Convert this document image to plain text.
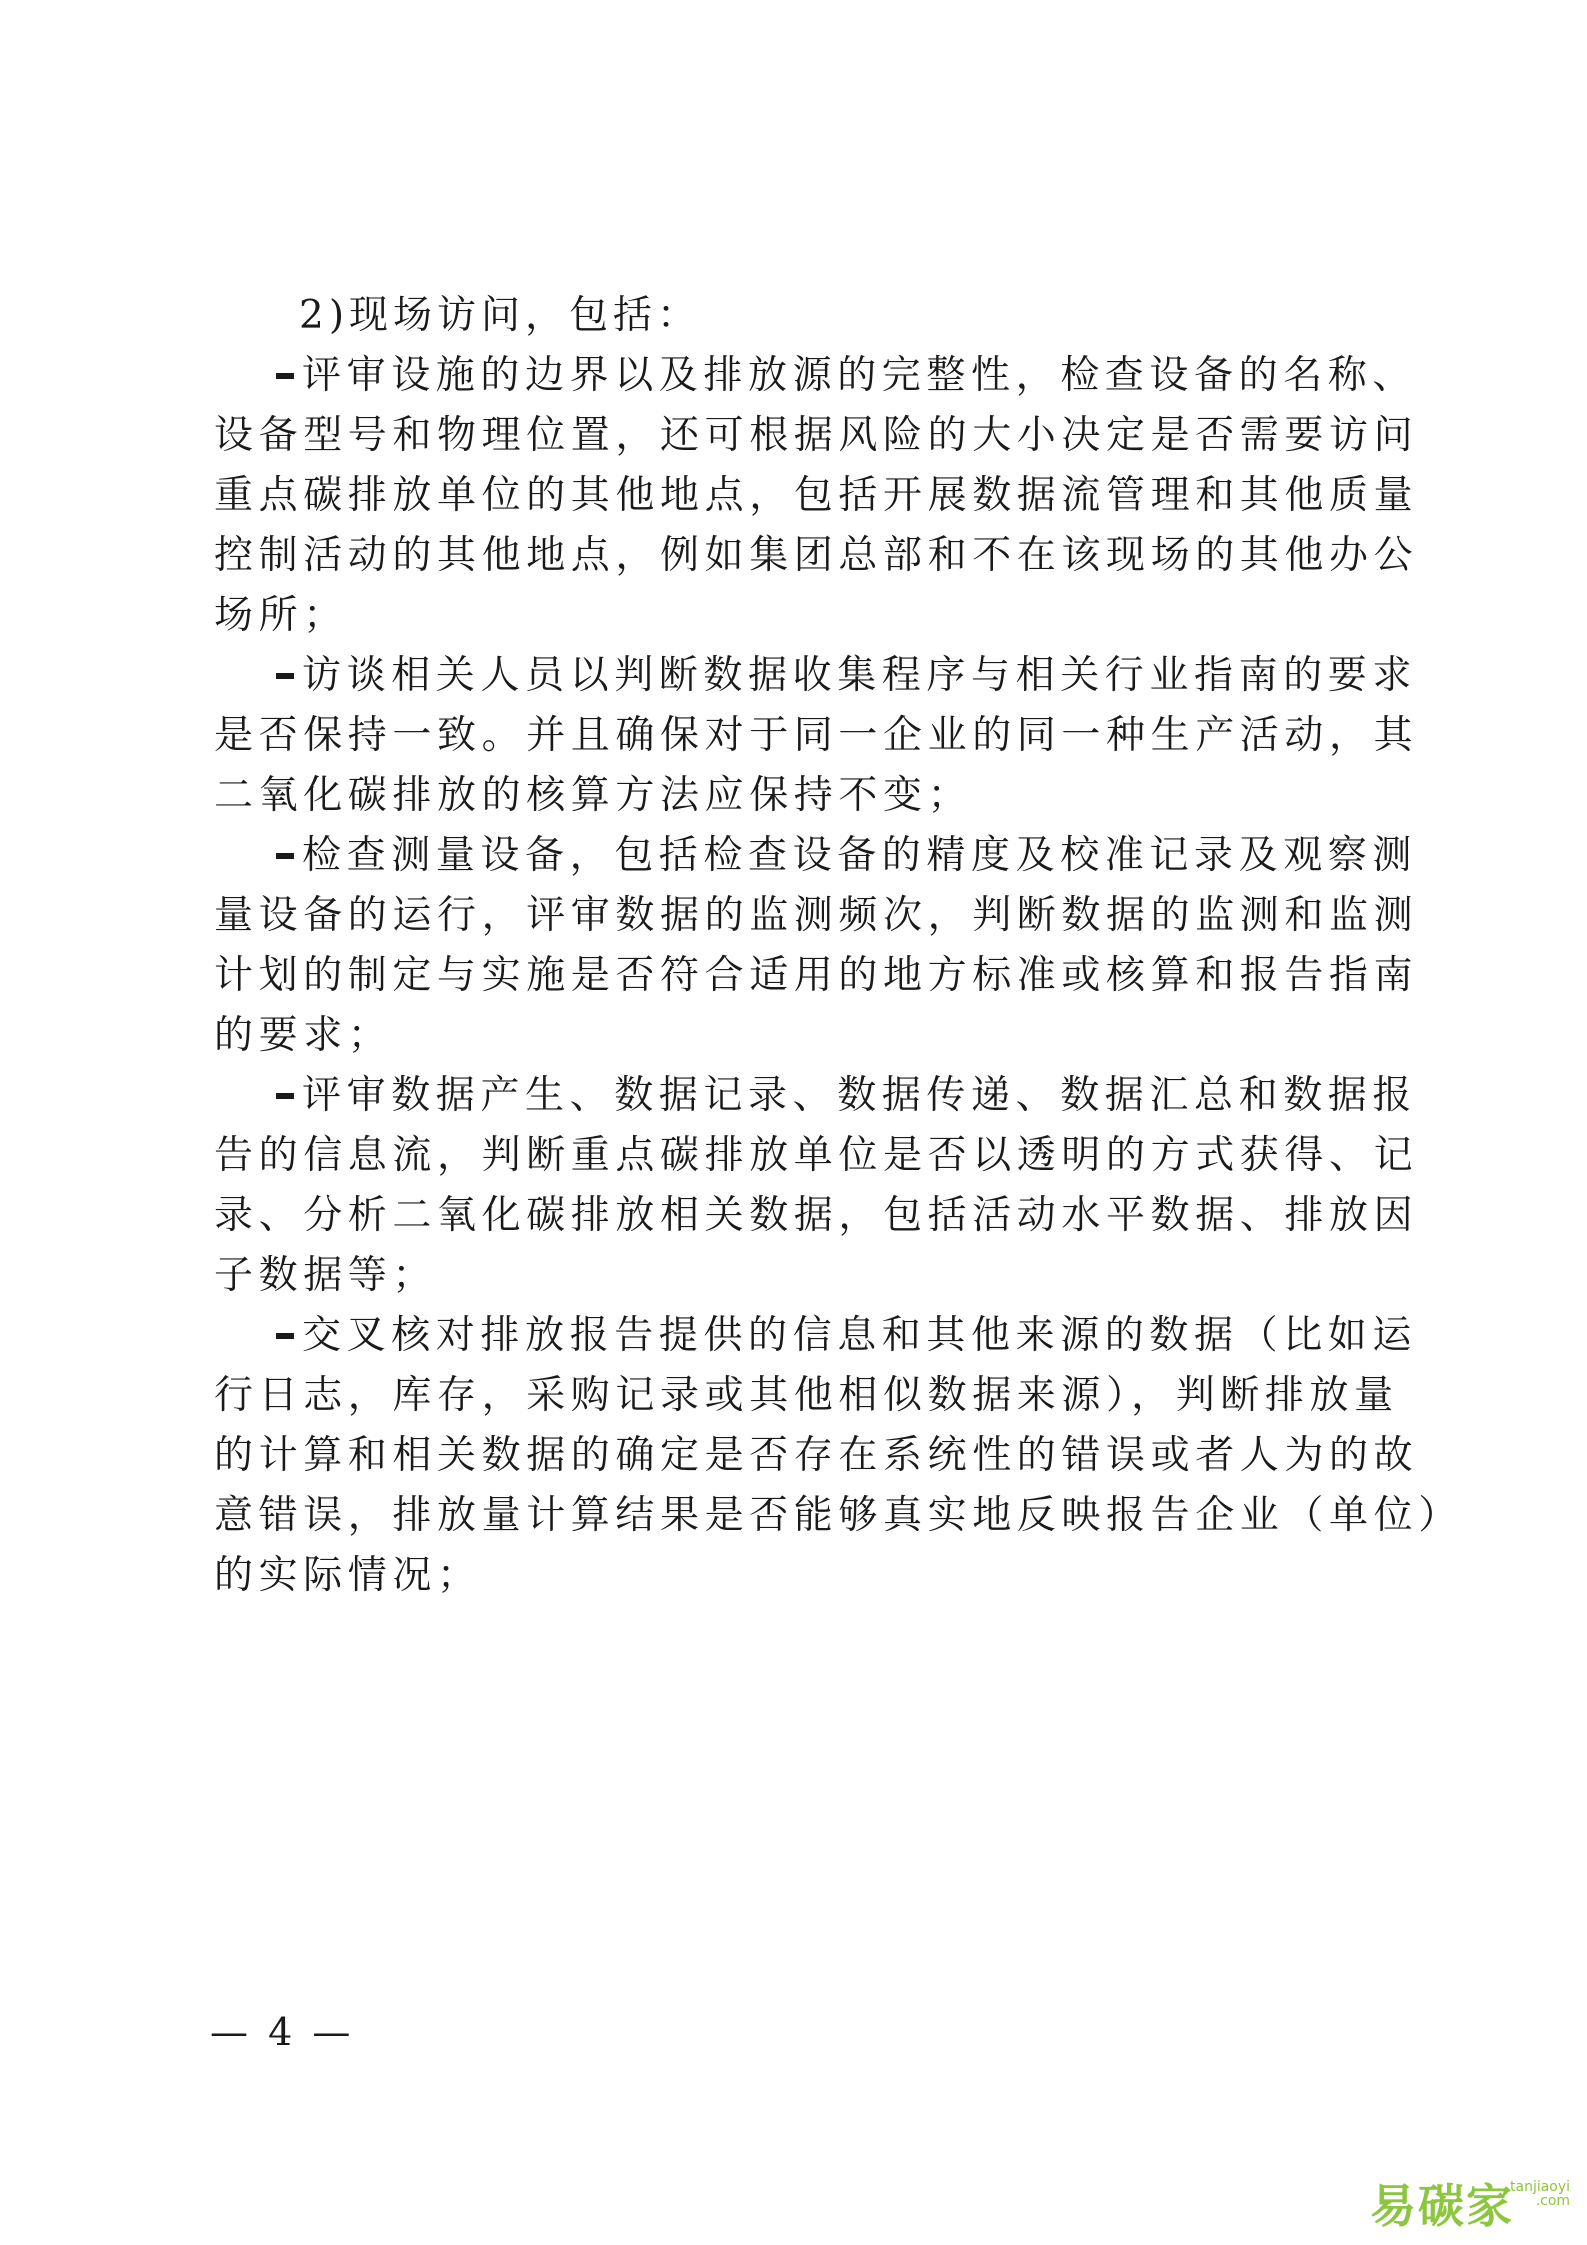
2)现场访问，包括：
评审设施的边界以及排放源的完整性，检查设备的名称、
设备型号和物理位置，还可根据风险的大小决定是否需要访问
重点碳排放单位的其他地点，包括开展数据流管理和其他质量
控制活动的其他地点，例如集团总部和不在该现场的其他办公
场所；
访谈相关人员以判断数据收集程序与相关行业指南的要求
是否保持一致。并且确保对于同一企业的同一种生产活动，其
二氧化碳排放的核算方法应保持不变；
检查测量设备，包括检查设备的精度及校准记录及观察测
量设备的运行，评审数据的监测频次，判断数据的监测和监测
计划的制定与实施是否符合适用的地方标准或核算和报告指南
的要求；
评审数据产生、数据记录、数据传递、数据汇总和数据报
告的信息流，判断重点碳排放单位是否以透明的方式获得、记
录、分析二氧化碳排放相关数据，包括活动水平数据、排放因
子数据等；
交叉核对排放报告提供的信息和其他来源的数据（比如运
行日志，库存，采购记录或其他相似数据来源），判断排放量
的计算和相关数据的确定是否存在系统性的错误或者人为的故
意错误，排放量计算结果是否能够真实地反映报告企业（单位）
的实际情况；
— 4 —
易碳家
tanjiaoyi
.com
